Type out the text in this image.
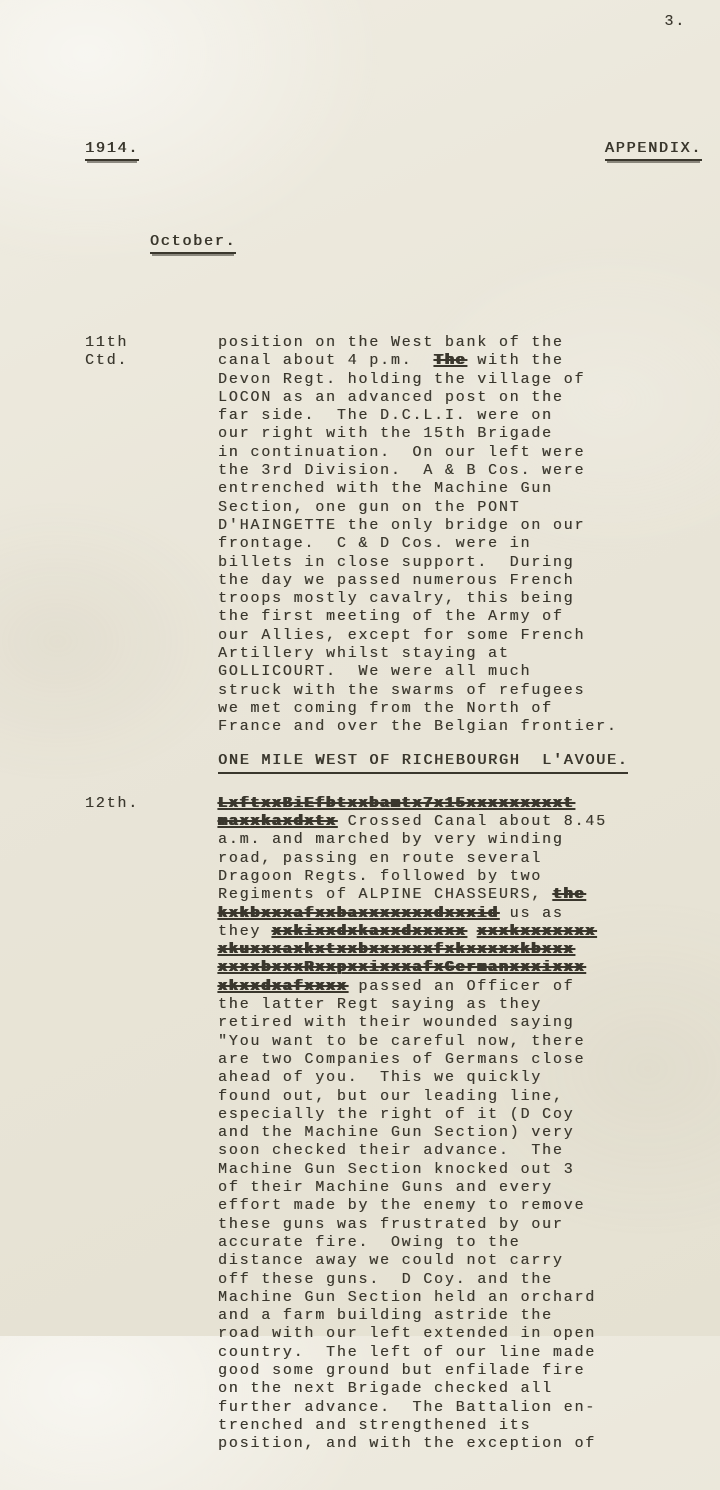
3.

1914.	APPENDIX.

October.

11th
Ctd.
position on the West bank of the
canal about 4 p.m.  The with the
Devon Regt. holding the village of
LOCON as an advanced post on the
far side.  The D.C.L.I. were on
our right with the 15th Brigade
in continuation.  On our left were
the 3rd Division.  A & B Cos. were
entrenched with the Machine Gun
Section, one gun on the PONT
D'HAINGETTE the only bridge on our
frontage.  C & D Cos. were in
billets in close support.  During
the day we passed numerous French
troops mostly cavalry, this being
the first meeting of the Army of
our Allies, except for some French
Artillery whilst staying at
GOLLICOURT.  We were all much
struck with the swarms of refugees
we met coming from the North of
France and over the Belgian frontier.
ONE MILE WEST OF RICHEBOURGH  L'AVOUE.
12th.	LxftxxBiEfbtxxbamtx7x15xxxxxxxxxt
maxxkaxdxtx Crossed Canal about 8.45
a.m. and marched by very winding
road, passing en route several
Dragoon Regts. followed by two
Regiments of ALPINE CHASSEURS, the
kxkbxxxafxxbaxxxxxxxdxxxid us as
they xxkixxdxkaxxdxxxxx xxxkxxxxxxx
xkuxxxaxkxtxxbxxxxxxfxkxxxxxkbxxx
xxxxbxxxRxxpxxixxxafxGermanxxxixxx
xkxxdxafxxxx passed an Officer of
the latter Regt saying as they
retired with their wounded saying
"You want to be careful now, there
are two Companies of Germans close
ahead of you.  This we quickly
found out, but our leading line,
especially the right of it (D Coy
and the Machine Gun Section) very
soon checked their advance.  The
Machine Gun Section knocked out 3
of their Machine Guns and every
effort made by the enemy to remove
these guns was frustrated by our
accurate fire.  Owing to the
distance away we could not carry
off these guns.  D Coy. and the
Machine Gun Section held an orchard
and a farm building astride the
road with our left extended in open
country.  The left of our line made
good some ground but enfilade fire
on the next Brigade checked all
further advance.  The Battalion en-
trenched and strengthened its
position, and with the exception of
